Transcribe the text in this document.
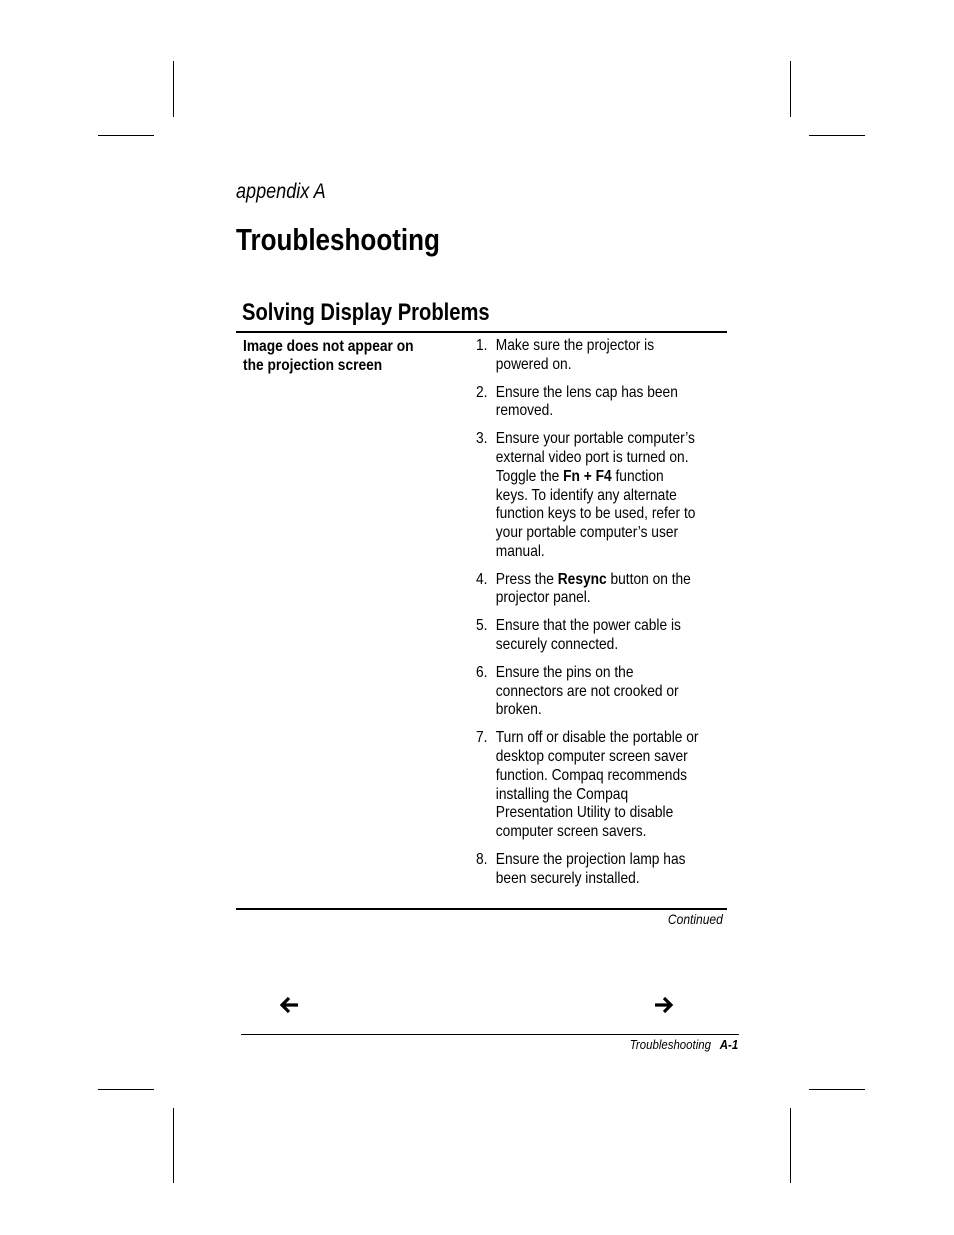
appendix A
Troubleshooting
Solving Display Problems
Image does not appear on
the projection screen
1. Make sure the projector is
powered on.
2. Ensure the lens cap has been
removed.
3. Ensure your portable computer’s
external video port is turned on.
Toggle the Fn + F4 function
keys. To identify any alternate
function keys to be used, refer to
your portable computer’s user
manual.
4. Press the Resync button on the
projector panel.
5. Ensure that the power cable is
securely connected.
6. Ensure the pins on the
connectors are not crooked or
broken.
7. Turn off or disable the portable or
desktop computer screen saver
function. Compaq recommends
installing the Compaq
Presentation Utility to disable
computer screen savers.
8. Ensure the projection lamp has
been securely installed.
Continued
Troubleshooting A-1
